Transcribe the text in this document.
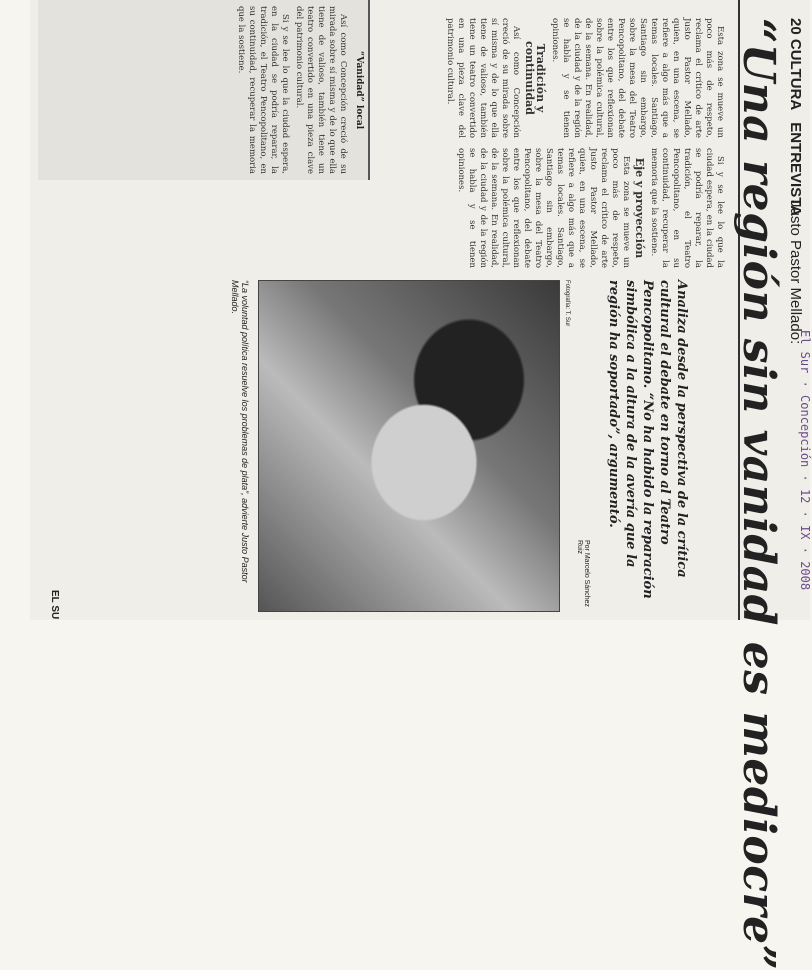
20 CULTURA   ENTREVISTA
Justo Pastor Mellado:
“Una región sin vanidad es mediocre”

Esta zona se mueve un poco más de respeto, reclama el crítico de arte Justo Pastor Mellado, quien, en una escena, se refiere a algo más que a temas locales. Santiago, Santiago sin embargo, sobre la mesa del Teatro Pencopolitano, del debate entre los que reflexionan sobre la polémica cultural, de la semana. En realidad, de la ciudad y de la región se habla y se tienen opiniones.

Tradición y continuidad

Así como Concepción creció de su mirada sobre sí misma y de lo que ella tiene de valioso, también tiene un teatro convertido en una pieza clave del patrimonio cultural.

Si y se lee lo que la ciudad espera, en la ciudad se podría reparar, la tradición, el Teatro Pencopolitano, en su continuidad, recuperar la memoria que la sostiene.

Eje y proyección

Esta zona se mueve un poco más de respeto, reclama el crítico de arte Justo Pastor Mellado, quien, en una escena, se refiere a algo más que a temas locales. Santiago, Santiago sin embargo, sobre la mesa del Teatro Pencopolitano, del debate entre los que reflexionan sobre la polémica cultural, de la semana. En realidad, de la ciudad y de la región se habla y se tienen opiniones.

Analiza desde la perspectiva de la crítica cultural el debate en torno al Teatro Pencopolitano. “No ha habido la reparación simbólica a la altura de la avería que la región ha soportado”, argumentó.
Por Marcelo Sánchez Ruiz
Fotografía: T. Sur
“La voluntad política resuelve los problemas de plata”, advierte Justo Pastor Mellado.
“Vanidad” local

Así como Concepción creció de su mirada sobre sí misma y de lo que ella tiene de valioso, también tiene un teatro convertido en una pieza clave del patrimonio cultural.

Si y se lee lo que la ciudad espera, en la ciudad se podría reparar, la tradición, el Teatro Pencopolitano, en su continuidad, recuperar la memoria que la sostiene.

El Sur · Concepción · 12 · IX · 2008
EL SU
